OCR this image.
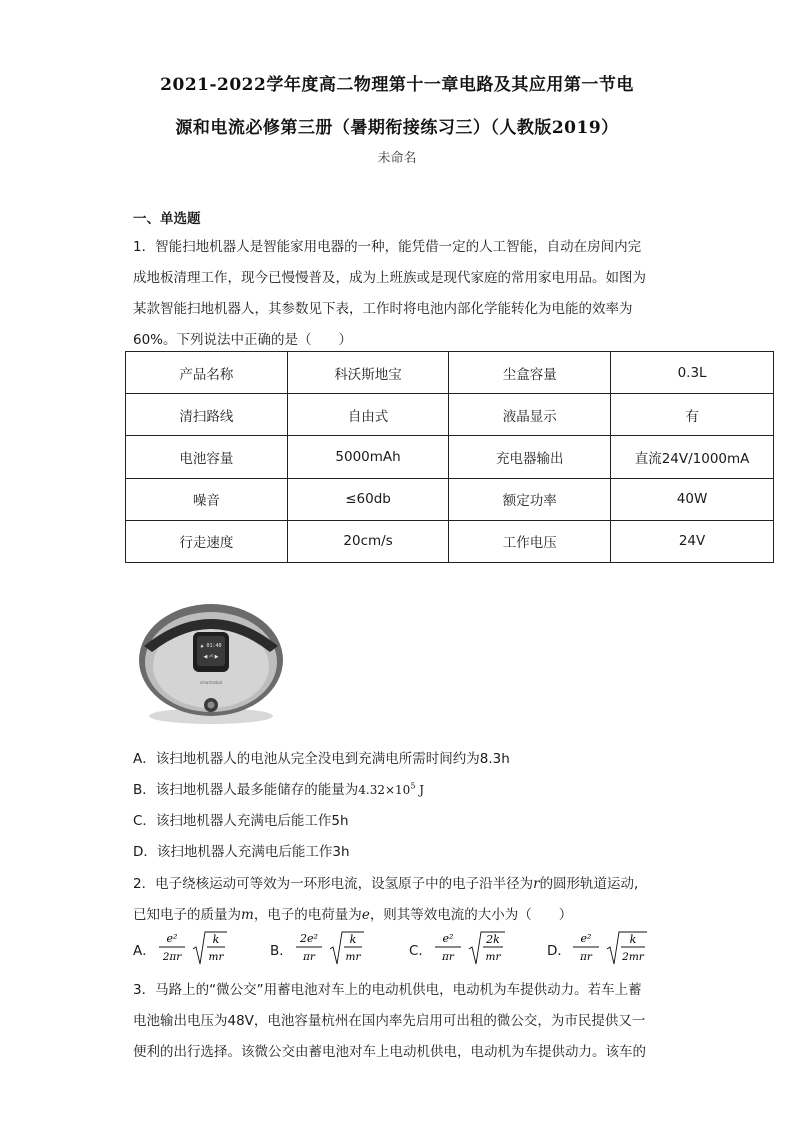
2021-2022学年度高二物理第十一章电路及其应用第一节电
源和电流必修第三册（暑期衔接练习三）（人教版2019）
未命名
一、单选题
1．智能扫地机器人是智能家用电器的一种，能凭借一定的人工智能，自动在房间内完
成地板清理工作，现今已慢慢普及，成为上班族或是现代家庭的常用家电用品。如图为
某款智能扫地机器人，其参数见下表，工作时将电池内部化学能转化为电能的效率为
60%。下列说法中正确的是（　　）
产品名称	科沃斯地宝	尘盒容量	0.3L
清扫路线	自由式	液晶显示	有
电池容量	5000mAh	充电器输出	直流24V/1000mA
噪音	≤60db	额定功率	40W
行走速度	20cm/s	工作电压	24V
▲ 01:40
◀ ⏎ ▶
smartrobot
A．该扫地机器人的电池从完全没电到充满电所需时间约为8.3h
B．该扫地机器人最多能储存的能量为$4.32\times 10^5$ J
C．该扫地机器人充满电后能工作5h
D．该扫地机器人充满电后能工作3h
2．电子绕核运动可等效为一环形电流，设氢原子中的电子沿半径为r的圆形轨道运动,
已知电子的质量为m，电子的电荷量为e，则其等效电流的大小为（　　）
A．
e²
2πr
k
mr	B．
2e²
πr
k
mr	C．
e²
πr
2k
mr	D．
e²
πr
k
2mr
3．马路上的“微公交”用蓄电池对车上的电动机供电，电动机为车提供动力。若车上蓄
电池输出电压为48V，电池容量杭州在国内率先启用可出租的微公交，为市民提供又一
便利的出行选择。该微公交由蓄电池对车上电动机供电，电动机为车提供动力。该车的
